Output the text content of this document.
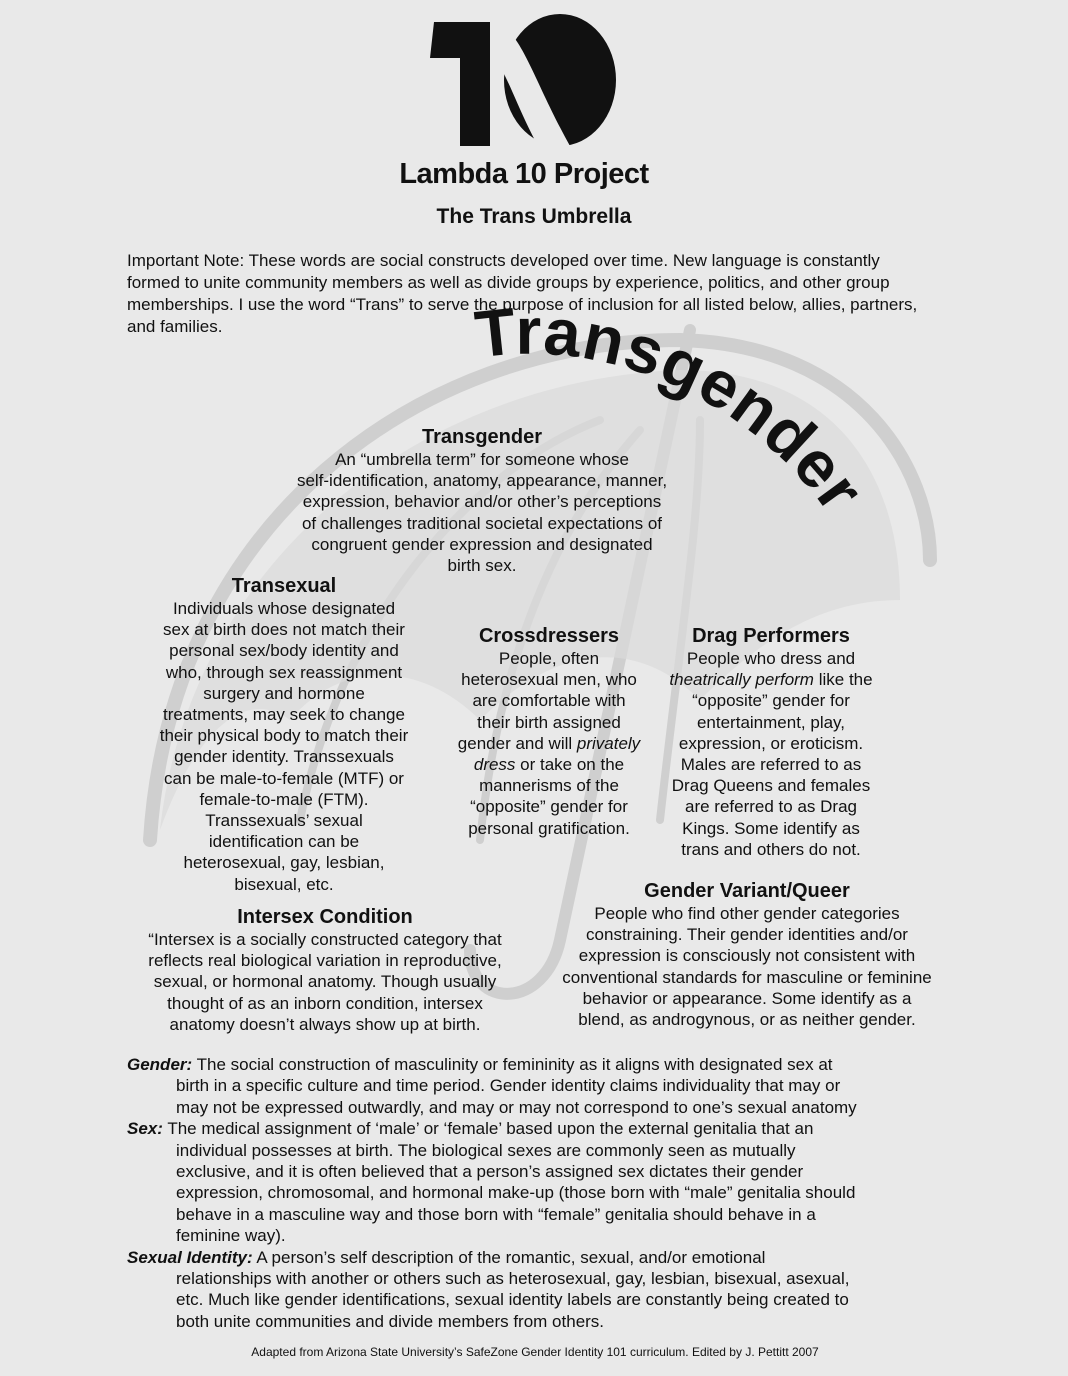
Lambda 10 Project
The Trans Umbrella
Important Note: These words are social constructs developed over time. New language is constantly formed to unite community members as well as divide groups by experience, politics, and other group memberships. I use the word “Trans” to serve the purpose of inclusion for all listed below, allies, partners, and families.	Transgender
Transgender
An “umbrella term” for someone whose
self-identification, anatomy, appearance, manner,
expression, behavior and/or other’s perceptions
of challenges traditional societal expectations of
congruent gender expression and designated
birth sex.
Transexual
Individuals whose designated
sex at birth does not match their
personal sex/body identity and
who, through sex reassignment
surgery and hormone
treatments, may seek to change
their physical body to match their
gender identity. Transsexuals
can be male-to-female (MTF) or
female-to-male (FTM).
Transsexuals’ sexual
identification can be
heterosexual, gay, lesbian,
bisexual, etc.
Crossdressers
People, often
heterosexual men, who
are comfortable with
their birth assigned
gender and will privately
dress or take on the
mannerisms of the
“opposite” gender for
personal gratification.
Drag Performers
People who dress and
theatrically perform like the
“opposite” gender for
entertainment, play,
expression, or eroticism.
Males are referred to as
Drag Queens and females
are referred to as Drag
Kings. Some identify as
trans and others do not.
Gender Variant/Queer
People who find other gender categories
constraining. Their gender identities and/or
expression is consciously not consistent with
conventional standards for masculine or feminine
behavior or appearance. Some identify as a
blend, as androgynous, or as neither gender.
Intersex Condition
“Intersex is a socially constructed category that
reflects real biological variation in reproductive,
sexual, or hormonal anatomy. Though usually
thought of as an inborn condition, intersex
anatomy doesn’t always show up at birth.
Gender: The social construction of masculinity or femininity as it aligns with designated sex at
birth in a specific culture and time period. Gender identity claims individuality that may or
may not be expressed outwardly, and may or may not correspond to one’s sexual anatomy
Sex: The medical assignment of ‘male’ or ‘female’ based upon the external genitalia that an
individual possesses at birth. The biological sexes are commonly seen as mutually
exclusive, and it is often believed that a person’s assigned sex dictates their gender
expression, chromosomal, and hormonal make-up (those born with “male” genitalia should
behave in a masculine way and those born with “female” genitalia should behave in a
feminine way).
Sexual Identity: A person’s self description of the romantic, sexual, and/or emotional
relationships with another or others such as heterosexual, gay, lesbian, bisexual, asexual,
etc. Much like gender identifications, sexual identity labels are constantly being created to
both unite communities and divide members from others.
Adapted from Arizona State University’s SafeZone Gender Identity 101 curriculum. Edited by J. Pettitt 2007
